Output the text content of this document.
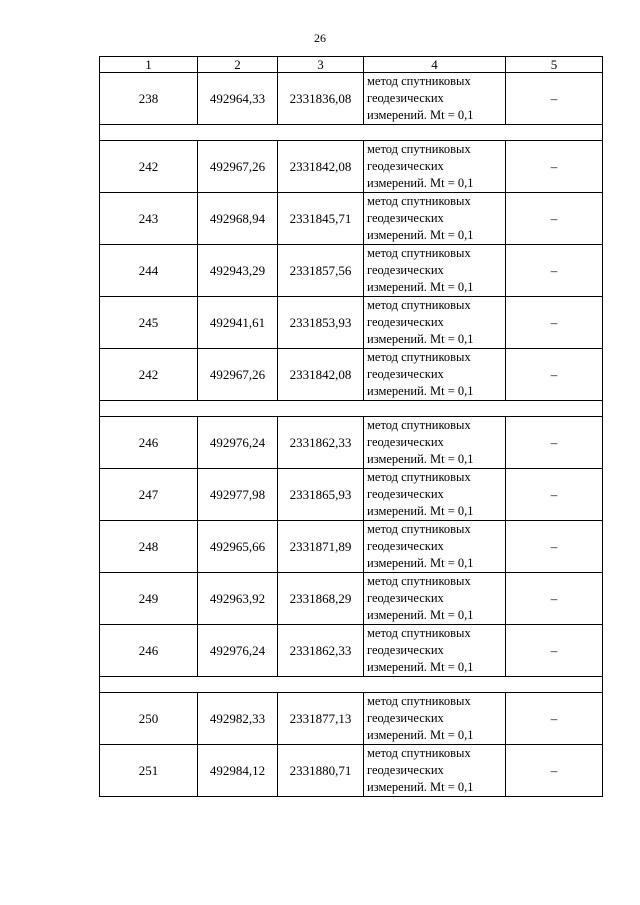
26
1	2	3	4	5
238	492964,33	2331836,08	метод спутниковых
геодезических
измерений. Mt = 0,1	–

242	492967,26	2331842,08	метод спутниковых
геодезических
измерений. Mt = 0,1	–
243	492968,94	2331845,71	метод спутниковых
геодезических
измерений. Mt = 0,1	–
244	492943,29	2331857,56	метод спутниковых
геодезических
измерений. Mt = 0,1	–
245	492941,61	2331853,93	метод спутниковых
геодезических
измерений. Mt = 0,1	–
242	492967,26	2331842,08	метод спутниковых
геодезических
измерений. Mt = 0,1	–

246	492976,24	2331862,33	метод спутниковых
геодезических
измерений. Mt = 0,1	–
247	492977,98	2331865,93	метод спутниковых
геодезических
измерений. Mt = 0,1	–
248	492965,66	2331871,89	метод спутниковых
геодезических
измерений. Mt = 0,1	–
249	492963,92	2331868,29	метод спутниковых
геодезических
измерений. Mt = 0,1	–
246	492976,24	2331862,33	метод спутниковых
геодезических
измерений. Mt = 0,1	–

250	492982,33	2331877,13	метод спутниковых
геодезических
измерений. Mt = 0,1	–
251	492984,12	2331880,71	метод спутниковых
геодезических
измерений. Mt = 0,1	–
